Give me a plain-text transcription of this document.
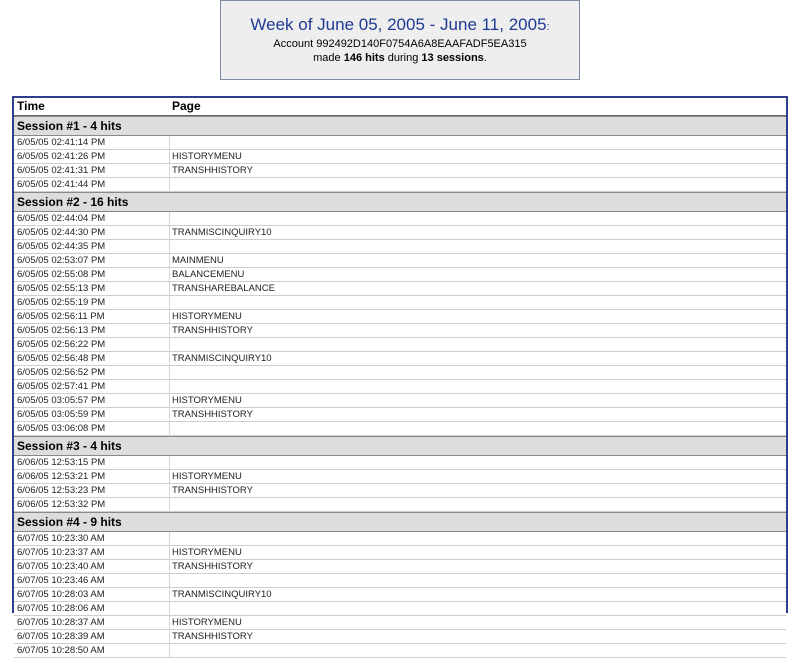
Week of June 05, 2005 - June 11, 2005:
Account 992492D140F0754A6A8EAAFADF5EA315
made 146 hits during 13 sessions.
Time	Page
Session #1 - 4 hits
6/05/05 02:41:14 PM
6/05/05 02:41:26 PM	HISTORYMENU
6/05/05 02:41:31 PM	TRANSHHISTORY
6/05/05 02:41:44 PM
Session #2 - 16 hits
6/05/05 02:44:04 PM
6/05/05 02:44:30 PM	TRANMISCINQUIRY10
6/05/05 02:44:35 PM
6/05/05 02:53:07 PM	MAINMENU
6/05/05 02:55:08 PM	BALANCEMENU
6/05/05 02:55:13 PM	TRANSHAREBALANCE
6/05/05 02:55:19 PM
6/05/05 02:56:11 PM	HISTORYMENU
6/05/05 02:56:13 PM	TRANSHHISTORY
6/05/05 02:56:22 PM
6/05/05 02:56:48 PM	TRANMISCINQUIRY10
6/05/05 02:56:52 PM
6/05/05 02:57:41 PM
6/05/05 03:05:57 PM	HISTORYMENU
6/05/05 03:05:59 PM	TRANSHHISTORY
6/05/05 03:06:08 PM
Session #3 - 4 hits
6/06/05 12:53:15 PM
6/06/05 12:53:21 PM	HISTORYMENU
6/06/05 12:53:23 PM	TRANSHHISTORY
6/06/05 12:53:32 PM
Session #4 - 9 hits
6/07/05 10:23:30 AM
6/07/05 10:23:37 AM	HISTORYMENU
6/07/05 10:23:40 AM	TRANSHHISTORY
6/07/05 10:23:46 AM
6/07/05 10:28:03 AM	TRANMISCINQUIRY10
6/07/05 10:28:06 AM
6/07/05 10:28:37 AM	HISTORYMENU
6/07/05 10:28:39 AM	TRANSHHISTORY
6/07/05 10:28:50 AM
